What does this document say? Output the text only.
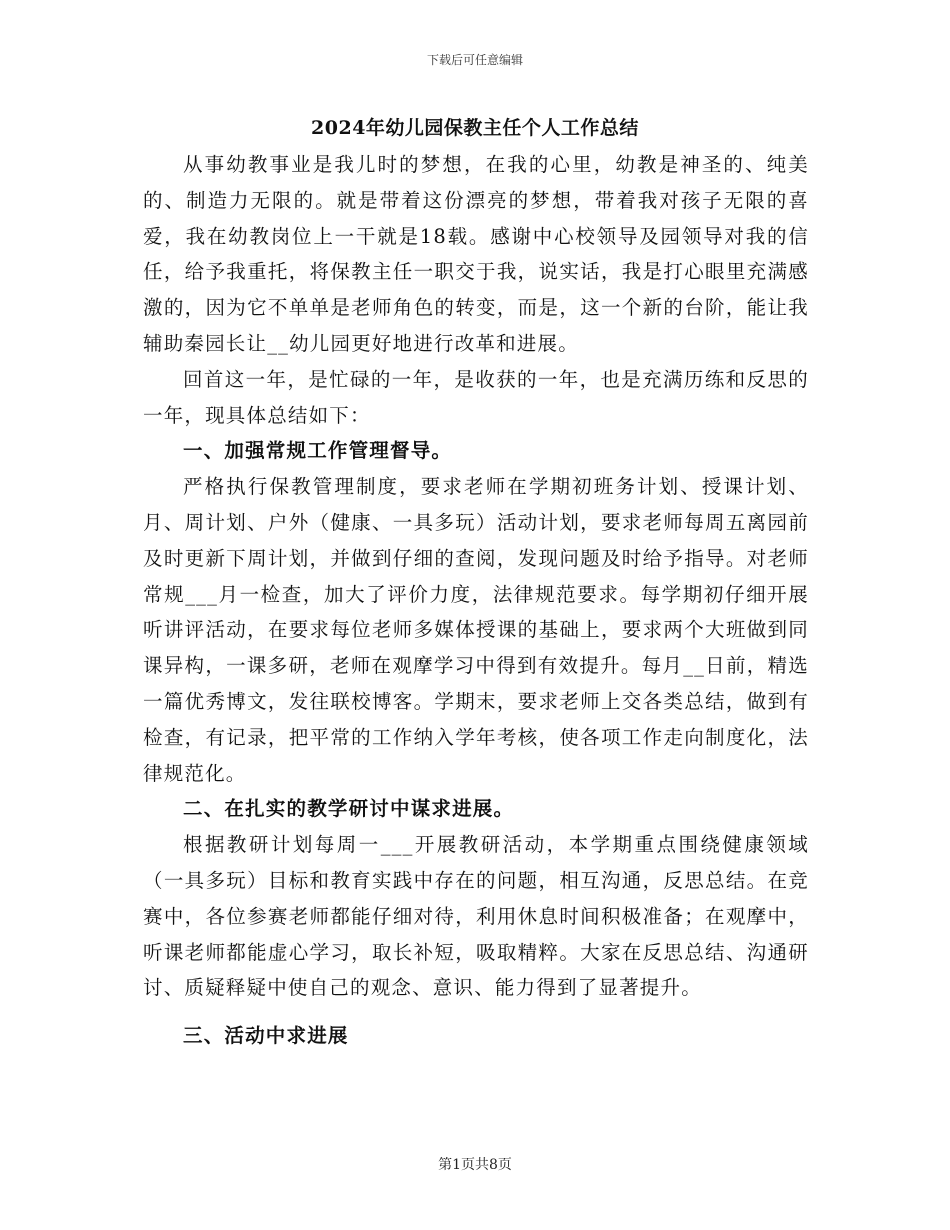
下载后可任意编辑
2024年幼儿园保教主任个人工作总结

从事幼教事业是我儿时的梦想，在我的心里，幼教是神圣的、纯美的、制造力无限的。就是带着这份漂亮的梦想，带着我对孩子无限的喜爱，我在幼教岗位上一干就是18载。感谢中心校领导及园领导对我的信任，给予我重托，将保教主任一职交于我，说实话，我是打心眼里充满感激的，因为它不单单是老师角色的转变，而是，这一个新的台阶，能让我辅助秦园长让__幼儿园更好地进行改革和进展。

回首这一年，是忙碌的一年，是收获的一年，也是充满历练和反思的一年，现具体总结如下：

一、加强常规工作管理督导。

严格执行保教管理制度，要求老师在学期初班务计划、授课计划、月、周计划、户外（健康、一具多玩）活动计划，要求老师每周五离园前及时更新下周计划，并做到仔细的查阅，发现问题及时给予指导。对老师常规___月一检查，加大了评价力度，法律规范要求。每学期初仔细开展听讲评活动，在要求每位老师多媒体授课的基础上，要求两个大班做到同课异构，一课多研，老师在观摩学习中得到有效提升。每月__日前，精选一篇优秀博文，发往联校博客。学期末，要求老师上交各类总结，做到有检查，有记录，把平常的工作纳入学年考核，使各项工作走向制度化，法律规范化。

二、在扎实的教学研讨中谋求进展。

根据教研计划每周一___开展教研活动，本学期重点围绕健康领域（一具多玩）目标和教育实践中存在的问题，相互沟通，反思总结。在竞赛中，各位参赛老师都能仔细对待，利用休息时间积极准备；在观摩中，听课老师都能虚心学习，取长补短，吸取精粹。大家在反思总结、沟通研讨、质疑释疑中使自己的观念、意识、能力得到了显著提升。

三、活动中求进展

第1页共8页
